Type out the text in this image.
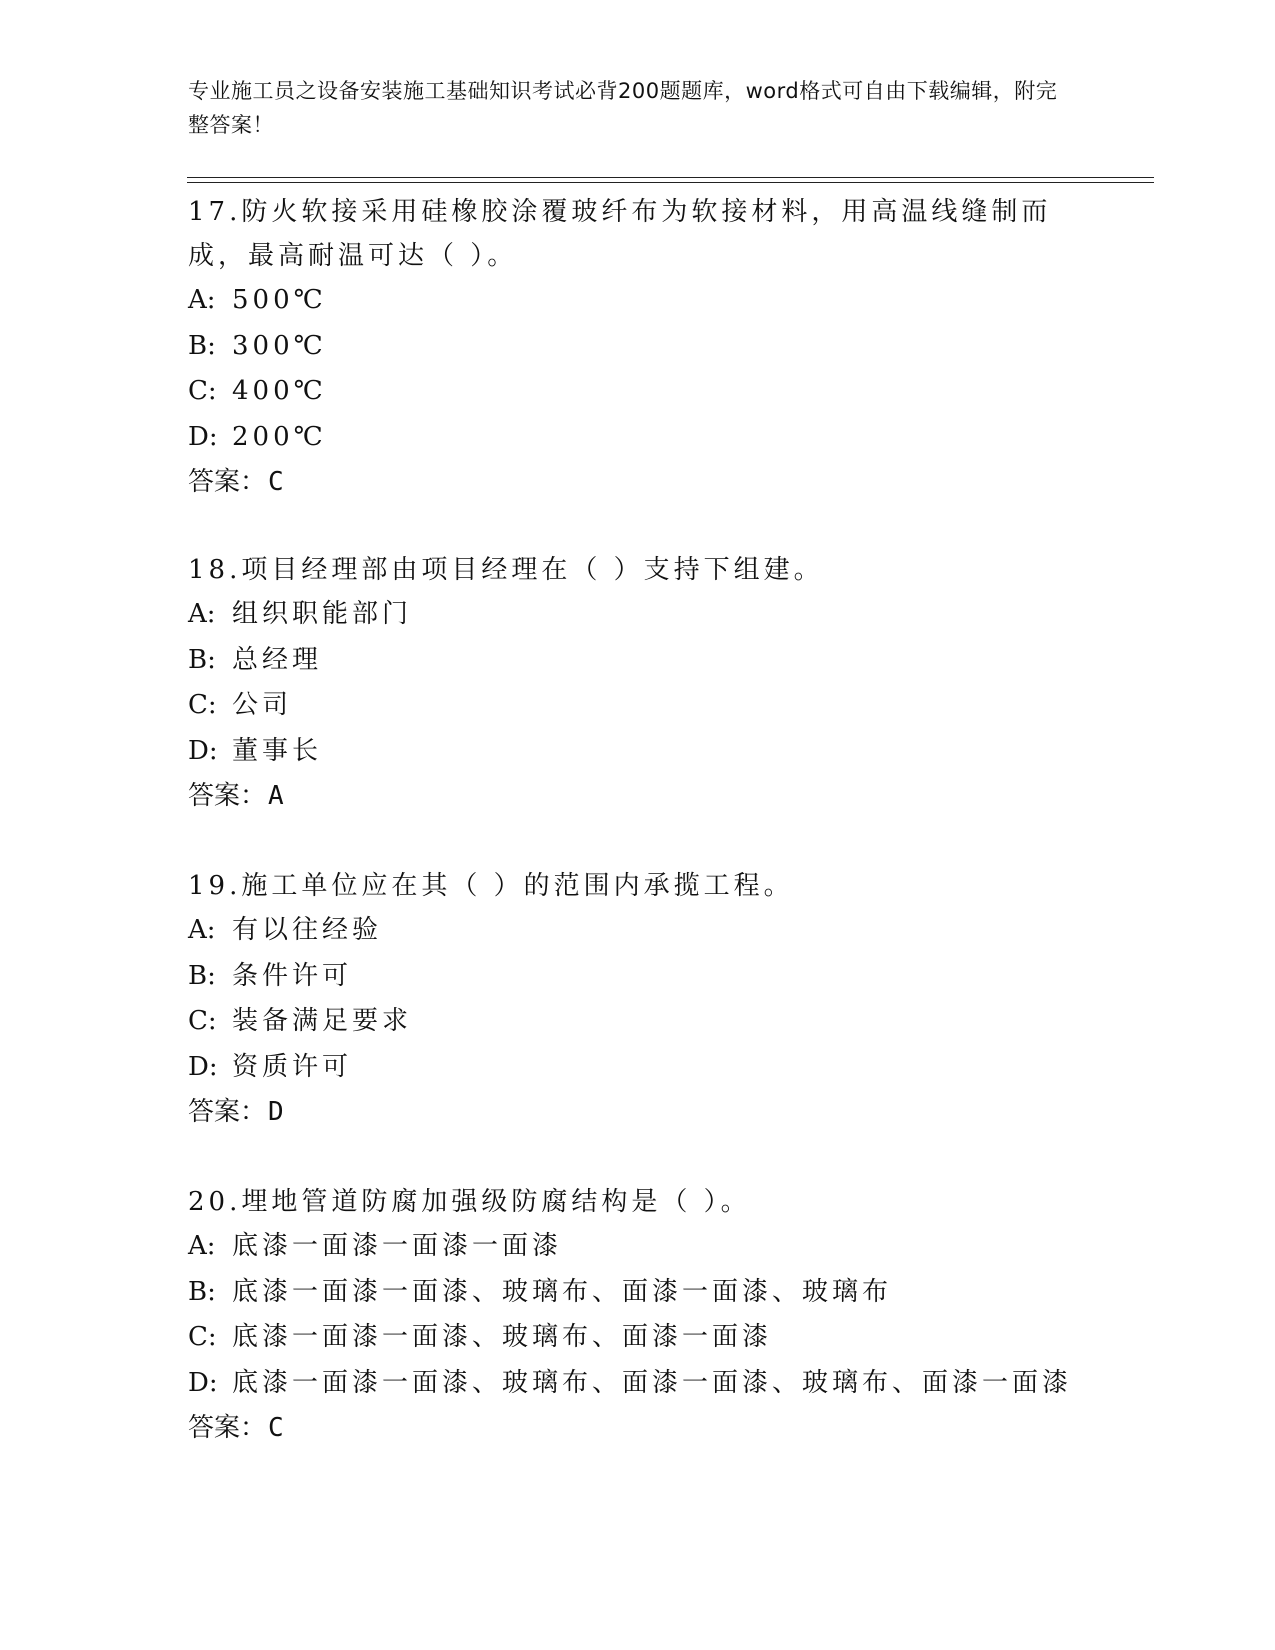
专业施工员之设备安装施工基础知识考试必背200题题库，word格式可自由下载编辑，附完整答案！

17.防火软接采用硅橡胶涂覆玻纤布为软接材料，用高温线缝制而成，最高耐温可达（ ）。

A: 500℃
B: 300℃
C: 400℃
D: 200℃
答案：C

18.项目经理部由项目经理在（ ）支持下组建。

A: 组织职能部门
B: 总经理
C: 公司
D: 董事长
答案：A

19.施工单位应在其（ ）的范围内承揽工程。

A: 有以往经验
B: 条件许可
C: 装备满足要求
D: 资质许可
答案：D

20.埋地管道防腐加强级防腐结构是（ ）。

A: 底漆一面漆一面漆一面漆
B: 底漆一面漆一面漆、玻璃布、面漆一面漆、玻璃布
C: 底漆一面漆一面漆、玻璃布、面漆一面漆
D: 底漆一面漆一面漆、玻璃布、面漆一面漆、玻璃布、面漆一面漆
答案：C
